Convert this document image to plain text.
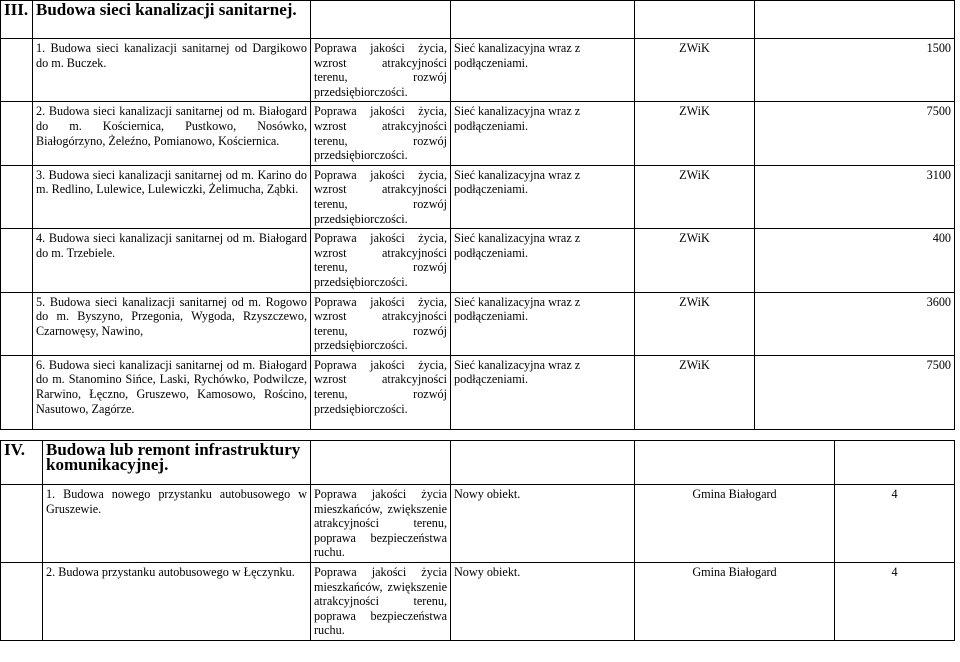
III.	Budowa sieci kanalizacji sanitarnej.				
	1. Budowa sieci kanalizacji sanitarnej od Dargikowo do m. Buczek.	Poprawa jakości życia, wzrost atrakcyjności terenu, rozwój przedsiębiorczości.	Sieć kanalizacyjna wraz z podłączeniami.	ZWiK	1500
	2. Budowa sieci kanalizacji sanitarnej od m. Białogard do m. Kościernica, Pustkowo, Nosówko, Białogórzyno, Żeleźno, Pomianowo, Kościernica.	Poprawa jakości życia, wzrost atrakcyjności terenu, rozwój przedsiębiorczości.	Sieć kanalizacyjna wraz z podłączeniami.	ZWiK	7500
	3. Budowa sieci kanalizacji sanitarnej od m. Karino do m. Redlino, Lulewice, Lulewiczki, Żelimucha, Ząbki.	Poprawa jakości życia, wzrost atrakcyjności terenu, rozwój przedsiębiorczości.	Sieć kanalizacyjna wraz z podłączeniami.	ZWiK	3100
	4. Budowa sieci kanalizacji sanitarnej od m. Białogard do m. Trzebiele.	Poprawa jakości życia, wzrost atrakcyjności terenu, rozwój przedsiębiorczości.	Sieć kanalizacyjna wraz z podłączeniami.	ZWiK	400
	5. Budowa sieci kanalizacji sanitarnej od m. Rogowo do m. Byszyno, Przegonia, Wygoda, Rzyszczewo, Czarnowęsy, Nawino,	Poprawa jakości życia, wzrost atrakcyjności terenu, rozwój przedsiębiorczości.	Sieć kanalizacyjna wraz z podłączeniami.	ZWiK	3600
	6. Budowa sieci kanalizacji sanitarnej od m. Białogard do m. Stanomino Sińce, Laski, Rychówko, Podwilcze, Rarwino, Łęczno, Gruszewo, Kamosowo, Rościno, Nasutowo, Zagórze.	Poprawa jakości życia, wzrost atrakcyjności terenu, rozwój przedsiębiorczości.	Sieć kanalizacyjna wraz z podłączeniami.	ZWiK	7500
IV.	Budowa lub remont infrastruktury komunikacyjnej.				
	1. Budowa nowego przystanku autobusowego w Gruszewie.	Poprawa jakości życia mieszkańców, zwiększenie atrakcyjności terenu, poprawa bezpieczeństwa ruchu.	Nowy obiekt.	Gmina Białogard	4
	2. Budowa przystanku autobusowego w Łęczynku.	Poprawa jakości życia mieszkańców, zwiększenie atrakcyjności terenu, poprawa bezpieczeństwa ruchu.	Nowy obiekt.	Gmina Białogard	4
